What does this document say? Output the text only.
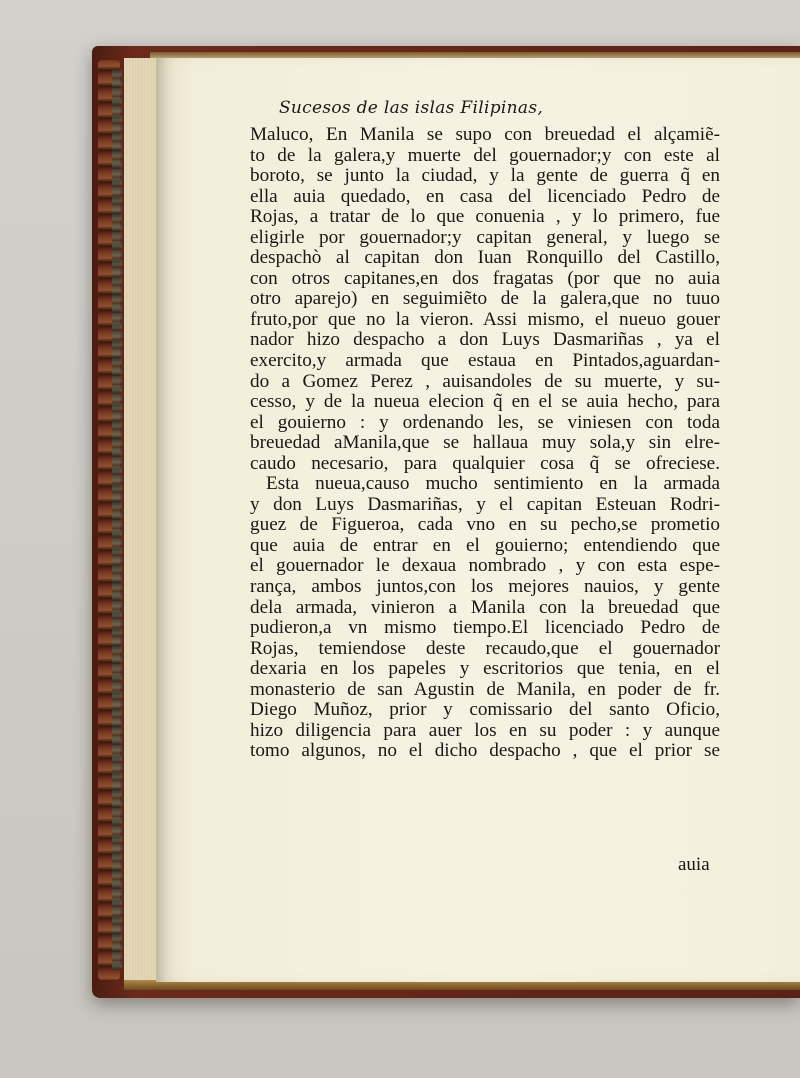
Sucesos de las islas Filipinas,
Maluco, En Manila se supo con breuedad el alçamiẽ-
to de la galera,y muerte del gouernador;y con este al
boroto, se junto la ciudad, y la gente de guerra q̃ en
ella auia quedado, en casa del licenciado Pedro de
Rojas, a tratar de lo que conuenia , y lo primero, fue
eligirle por gouernador;y capitan general, y luego se
despachò al capitan don Iuan Ronquillo del Castillo,
con otros capitanes,en dos fragatas (por que no auia
otro aparejo) en seguimiẽto de la galera,que no tuuo
fruto,por que no la vieron. Assi mismo, el nueuo gouer
nador hizo despacho a don Luys Dasmariñas , ya el
exercito,y armada que estaua en Pintados,aguardan-
do a Gomez Perez , auisandoles de su muerte, y su-
cesso, y de la nueua elecion q̃ en el se auia hecho, para
el gouierno : y ordenando les, se viniesen con toda
breuedad aManila,que se hallaua muy sola,y sin elre-
caudo necesario, para qualquier cosa q̃ se ofreciese.
Esta nueua,causo mucho sentimiento en la armada
y don Luys Dasmariñas, y el capitan Esteuan Rodri-
guez de Figueroa, cada vno en su pecho,se prometio
que auia de entrar en el gouierno; entendiendo que
el gouernador le dexaua nombrado , y con esta espe-
rança, ambos juntos,con los mejores nauios, y gente
dela armada, vinieron a Manila con la breuedad que
pudieron,a vn mismo tiempo.El licenciado Pedro de
Rojas, temiendose deste recaudo,que el gouernador
dexaria en los papeles y escritorios que tenia, en el
monasterio de san Agustin de Manila, en poder de fr.
Diego Muñoz, prior y comissario del santo Oficio,
hizo diligencia para auer los en su poder : y aunque
tomo algunos, no el dicho despacho , que el prior se
auia
